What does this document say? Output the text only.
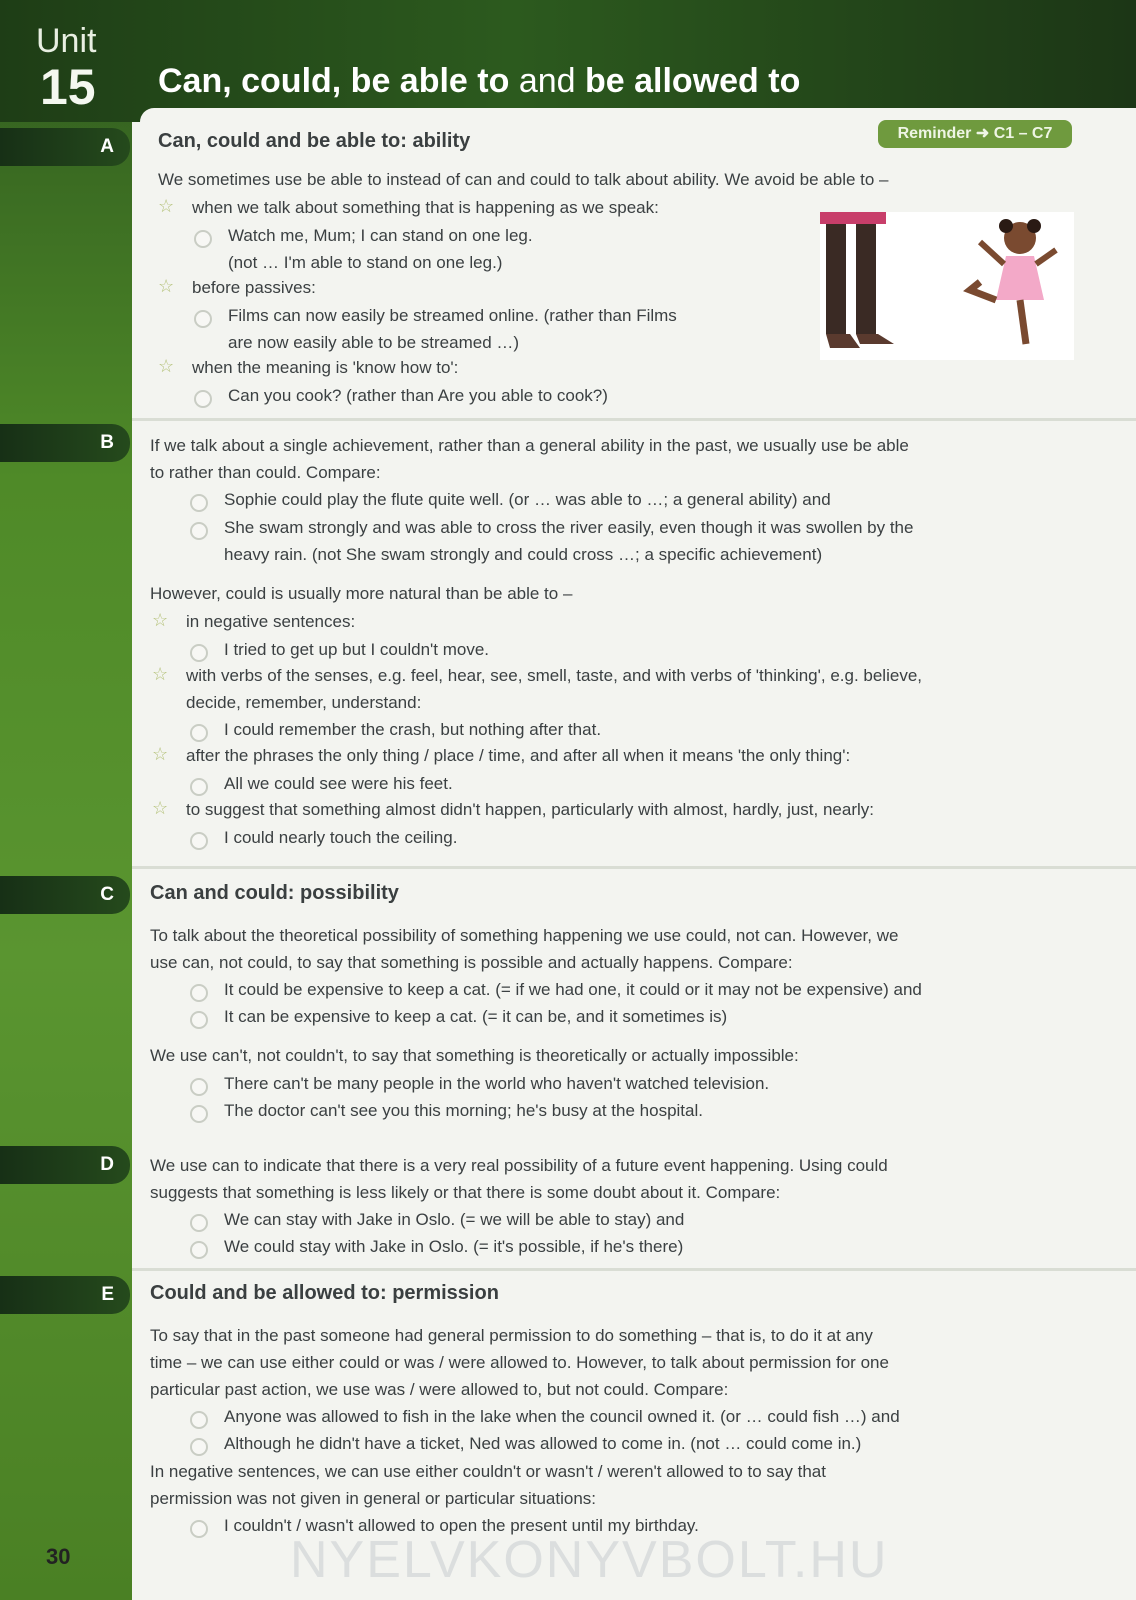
Unit
15 Can, could, be able to and be allowed to
Reminder ➜ C1 – C7
A Can, could and be able to: ability
We sometimes use be able to instead of can and could to talk about ability. We avoid be able to –
☆ when we talk about something that is happening as we speak:
Watch me, Mum; I can stand on one leg.
(not … I'm able to stand on one leg.)
☆ before passives:
Films can now easily be streamed online. (rather than Films
are now easily able to be streamed …)
☆ when the meaning is 'know how to':
Can you cook? (rather than Are you able to cook?)
B If we talk about a single achievement, rather than a general ability in the past, we usually use be able
to rather than could. Compare:
Sophie could play the flute quite well. (or … was able to …; a general ability) and
She swam strongly and was able to cross the river easily, even though it was swollen by the
heavy rain. (not She swam strongly and could cross …; a specific achievement)
However, could is usually more natural than be able to –
☆ in negative sentences:
I tried to get up but I couldn't move.
☆ with verbs of the senses, e.g. feel, hear, see, smell, taste, and with verbs of 'thinking', e.g. believe,
decide, remember, understand:
I could remember the crash, but nothing after that.
☆ after the phrases the only thing / place / time, and after all when it means 'the only thing':
All we could see were his feet.
☆ to suggest that something almost didn't happen, particularly with almost, hardly, just, nearly:
I could nearly touch the ceiling.
C Can and could: possibility
To talk about the theoretical possibility of something happening we use could, not can. However, we
use can, not could, to say that something is possible and actually happens. Compare:
It could be expensive to keep a cat. (= if we had one, it could or it may not be expensive) and
It can be expensive to keep a cat. (= it can be, and it sometimes is)
We use can't, not couldn't, to say that something is theoretically or actually impossible:
There can't be many people in the world who haven't watched television.
The doctor can't see you this morning; he's busy at the hospital.
D We use can to indicate that there is a very real possibility of a future event happening. Using could
suggests that something is less likely or that there is some doubt about it. Compare:
We can stay with Jake in Oslo. (= we will be able to stay) and
We could stay with Jake in Oslo. (= it's possible, if he's there)
E Could and be allowed to: permission
To say that in the past someone had general permission to do something – that is, to do it at any
time – we can use either could or was / were allowed to. However, to talk about permission for one
particular past action, we use was / were allowed to, but not could. Compare:
Anyone was allowed to fish in the lake when the council owned it. (or … could fish …) and
Although he didn't have a ticket, Ned was allowed to come in. (not … could come in.)
In negative sentences, we can use either couldn't or wasn't / weren't allowed to to say that
permission was not given in general or particular situations:
I couldn't / wasn't allowed to open the present until my birthday.
30	NYELVKONYVBOLT.HU
